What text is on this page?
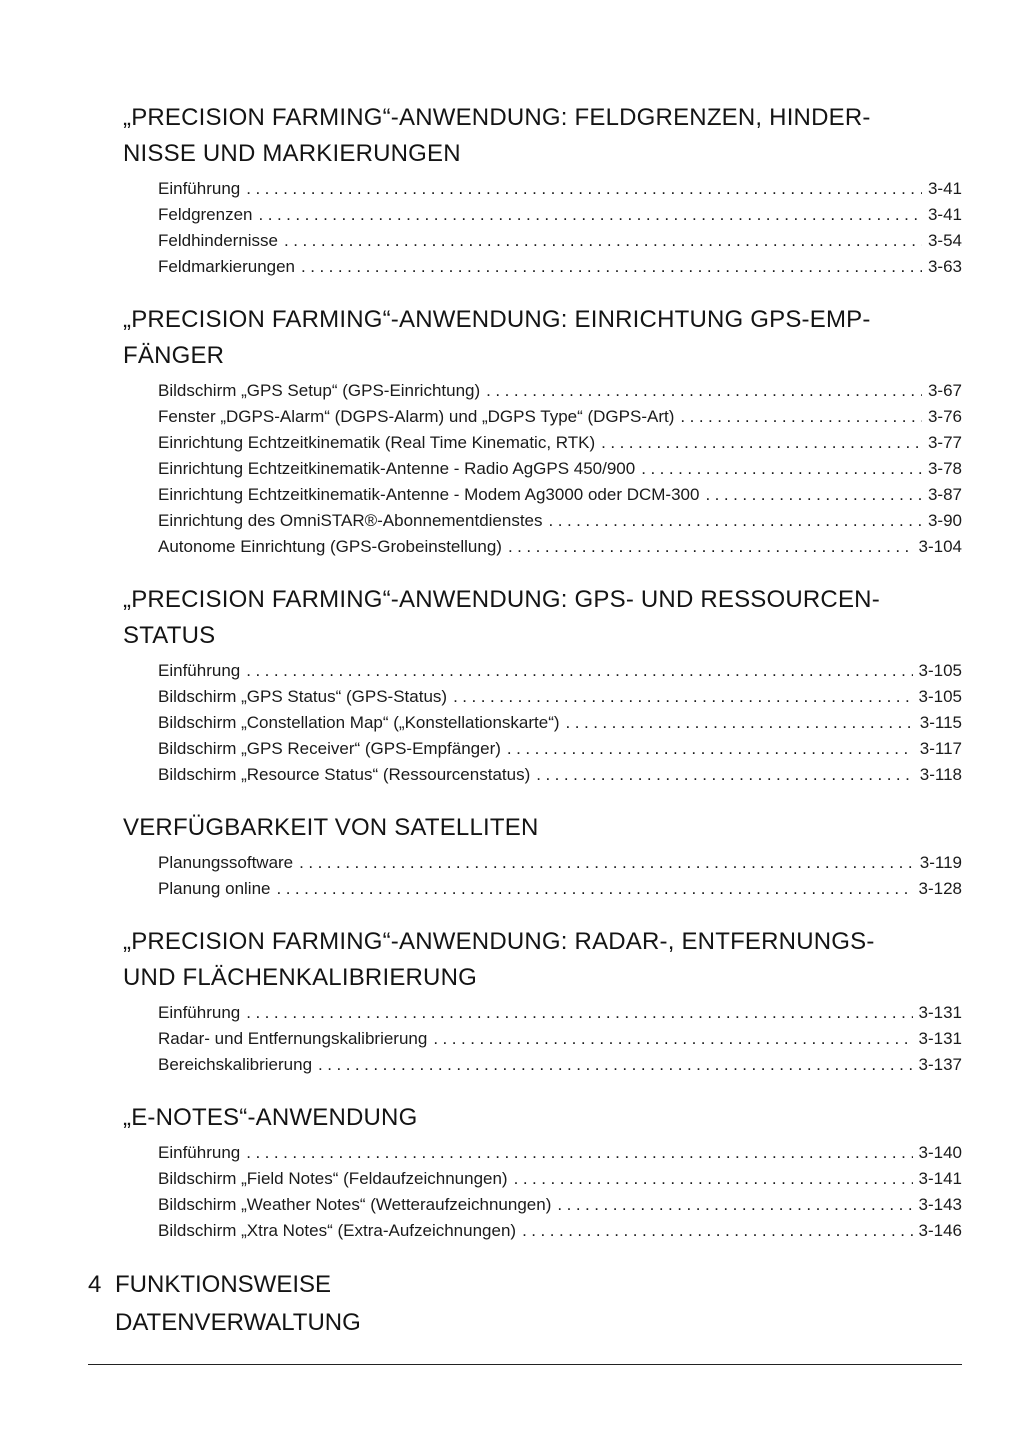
„PRECISION FARMING“-ANWENDUNG: FELDGRENZEN, HINDER-
NISSE UND MARKIERUNGEN
Einführung .....	3-41
Feldgrenzen .....	3-41
Feldhindernisse .....	3-54
Feldmarkierungen .....	3-63
„PRECISION FARMING“-ANWENDUNG: EINRICHTUNG GPS-EMP-
FÄNGER
Bildschirm „GPS Setup“ (GPS-Einrichtung) .....	3-67
Fenster „DGPS-Alarm“ (DGPS-Alarm) und „DGPS Type“ (DGPS-Art) .....	3-76
Einrichtung Echtzeitkinematik (Real Time Kinematic, RTK) .....	3-77
Einrichtung Echtzeitkinematik-Antenne - Radio AgGPS 450/900 .....	3-78
Einrichtung Echtzeitkinematik-Antenne - Modem Ag3000 oder DCM-300 .....	3-87
Einrichtung des OmniSTAR®-Abonnementdienstes .....	3-90
Autonome Einrichtung (GPS-Grobeinstellung) .....	3-104
„PRECISION FARMING“-ANWENDUNG: GPS- UND RESSOURCEN-
STATUS
Einführung .....	3-105
Bildschirm „GPS Status“ (GPS-Status) .....	3-105
Bildschirm „Constellation Map“ („Konstellationskarte“) .....	3-115
Bildschirm „GPS Receiver“ (GPS-Empfänger) .....	3-117
Bildschirm „Resource Status“ (Ressourcenstatus) .....	3-118
VERFÜGBARKEIT VON SATELLITEN
Planungssoftware .....	3-119
Planung online .....	3-128
„PRECISION FARMING“-ANWENDUNG: RADAR-, ENTFERNUNGS-
UND FLÄCHENKALIBRIERUNG
Einführung .....	3-131
Radar- und Entfernungskalibrierung .....	3-131
Bereichskalibrierung .....	3-137
„E-NOTES“-ANWENDUNG
Einführung .....	3-140
Bildschirm „Field Notes“ (Feldaufzeichnungen) .....	3-141
Bildschirm „Weather Notes“ (Wetteraufzeichnungen) .....	3-143
Bildschirm „Xtra Notes“ (Extra-Aufzeichnungen) .....	3-146
4 FUNKTIONSWEISE
DATENVERWALTUNG
